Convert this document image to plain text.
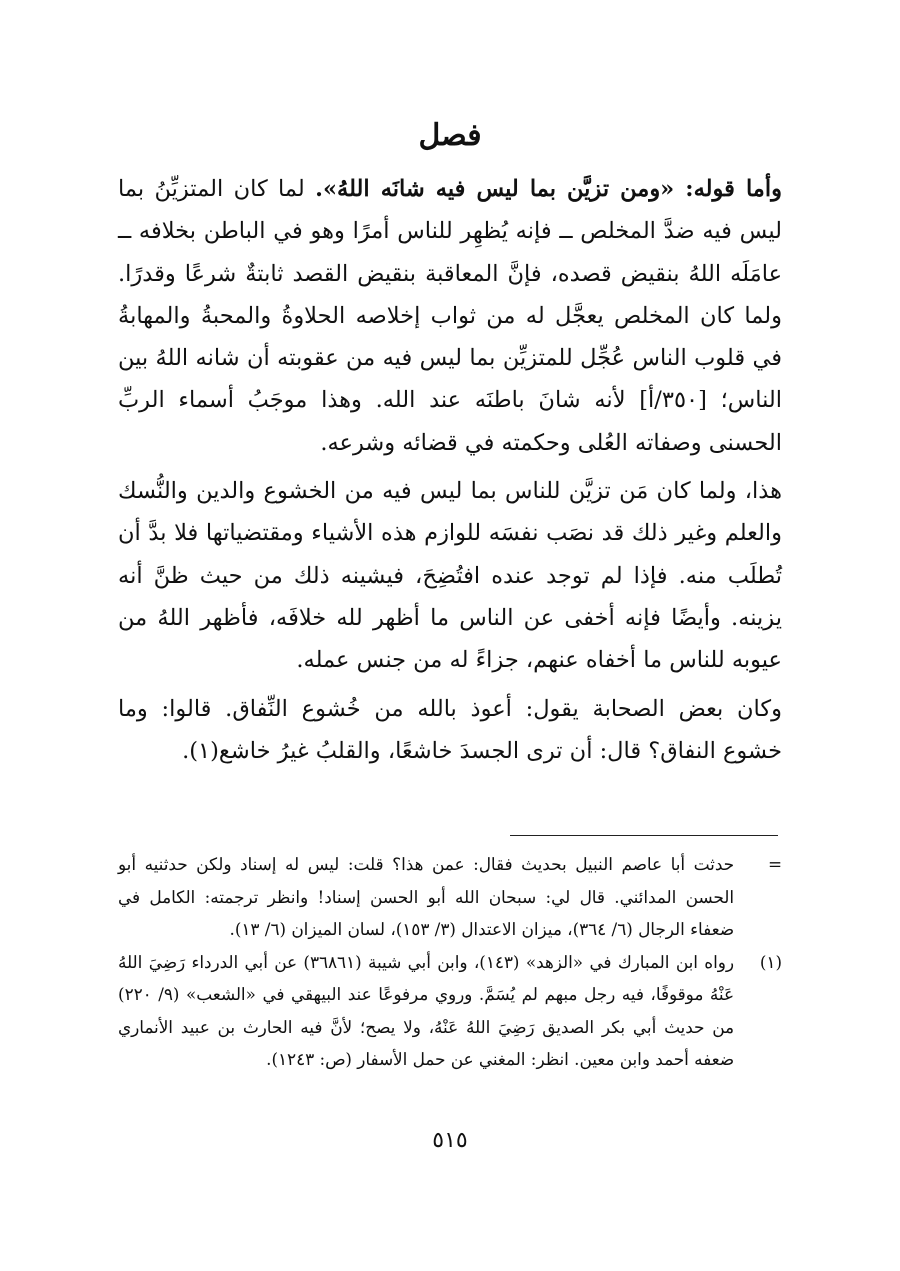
فصل

وأما قوله: «ومن تزيَّن بما ليس فيه شانَه اللهُ». لما كان المتزيِّنُ بما ليس فيه ضدَّ المخلص ــ فإنه يُظهِر للناس أمرًا وهو في الباطن بخلافه ــ عامَلَه اللهُ بنقيض قصده، فإنَّ المعاقبة بنقيض القصد ثابتةٌ شرعًا وقدرًا. ولما كان المخلص يعجَّل له من ثواب إخلاصه الحلاوةُ والمحبةُ والمهابةُ في قلوب الناس عُجِّل للمتزيِّن بما ليس فيه من عقوبته أن شانه اللهُ بين الناس؛ [٣٥٠/أ] لأنه شانَ باطنَه عند الله. وهذا موجَبُ أسماء الربِّ الحسنى وصفاته العُلى وحكمته في قضائه وشرعه.

هذا، ولما كان مَن تزيَّن للناس بما ليس فيه من الخشوع والدين والنُّسك والعلم وغير ذلك قد نصَب نفسَه للوازم هذه الأشياء ومقتضياتها فلا بدَّ أن تُطلَب منه. فإذا لم توجد عنده افتُضِحَ، فيشينه ذلك من حيث ظنَّ أنه يزينه. وأيضًا فإنه أخفى عن الناس ما أظهر لله خلافَه، فأظهر اللهُ من عيوبه للناس ما أخفاه عنهم، جزاءً له من جنس عمله.

وكان بعض الصحابة يقول: أعوذ بالله من خُشوع النِّفاق. قالوا: وما خشوع النفاق؟ قال: أن ترى الجسدَ خاشعًا، والقلبُ غيرُ خاشع(١).

=
حدثت أبا عاصم النبيل بحديث فقال: عمن هذا؟ قلت: ليس له إسناد ولكن حدثنيه أبو الحسن المدائني. قال لي: سبحان الله أبو الحسن إسناد! وانظر ترجمته: الكامل في ضعفاء الرجال (٦/ ٣٦٤)، ميزان الاعتدال (٣/ ١٥٣)، لسان الميزان (٦/ ١٣).
(١)
رواه ابن المبارك في «الزهد» (١٤٣)، وابن أبي شيبة (٣٦٨٦١) عن أبي الدرداء رَضِيَ اللهُ عَنْهُ موقوفًا، فيه رجل مبهم لم يُسَمَّ. وروي مرفوعًا عند البيهقي في «الشعب» (٩/ ٢٢٠) من حديث أبي بكر الصديق رَضِيَ اللهُ عَنْهُ، ولا يصح؛ لأنَّ فيه الحارث بن عبيد الأنماري ضعفه أحمد وابن معين. انظر: المغني عن حمل الأسفار (ص: ١٢٤٣).
٥١٥
